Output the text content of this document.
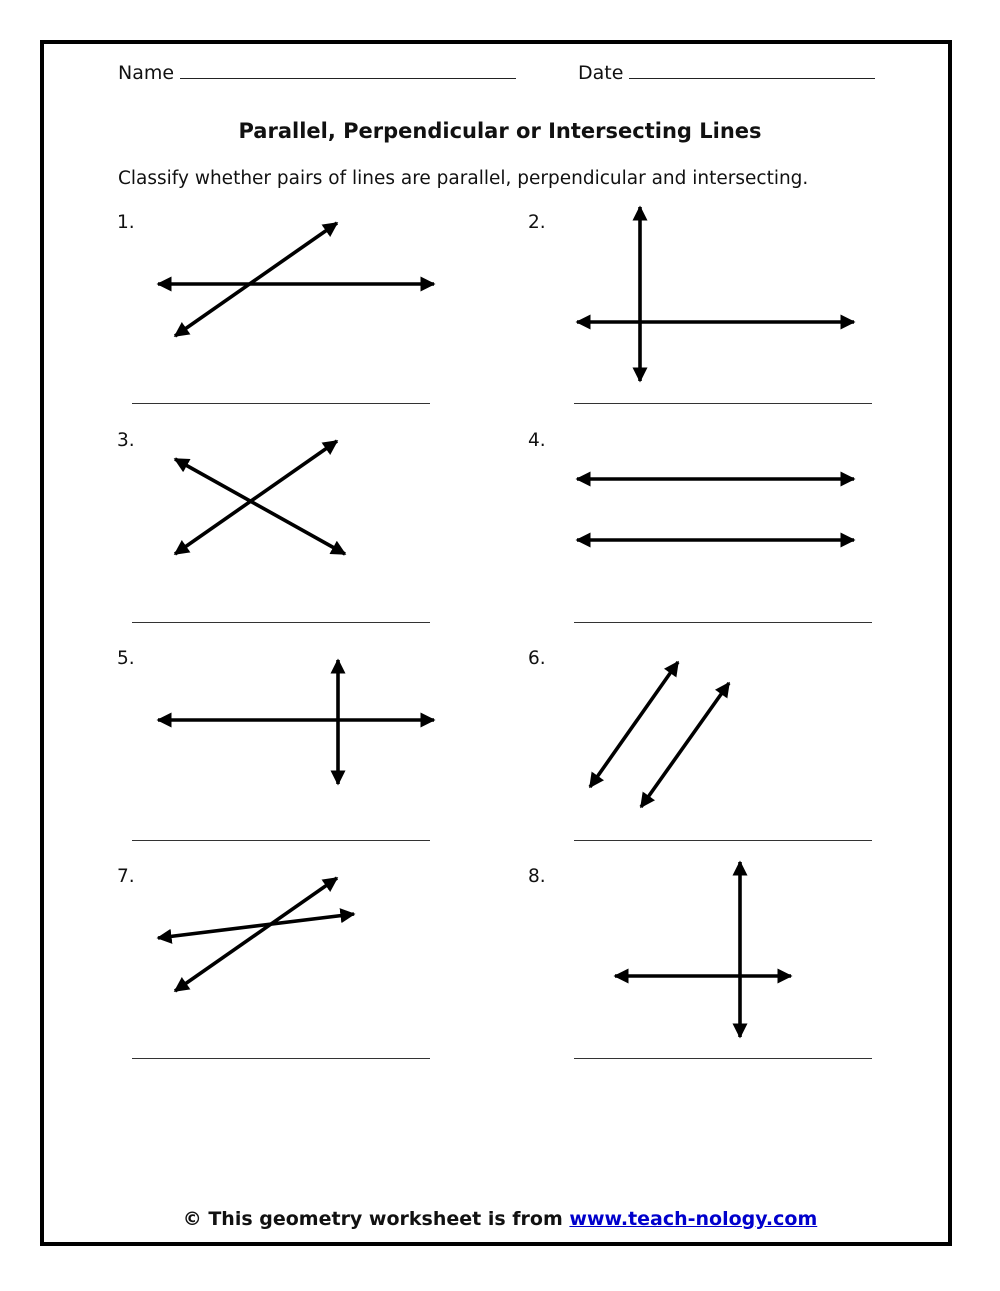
Name	Date
Parallel, Perpendicular or Intersecting Lines
Classify whether pairs of lines are parallel, perpendicular and intersecting.
1.	2.
3.	4.
5.	6.
7.	8.
© This geometry worksheet is from www.teach-nology.com
